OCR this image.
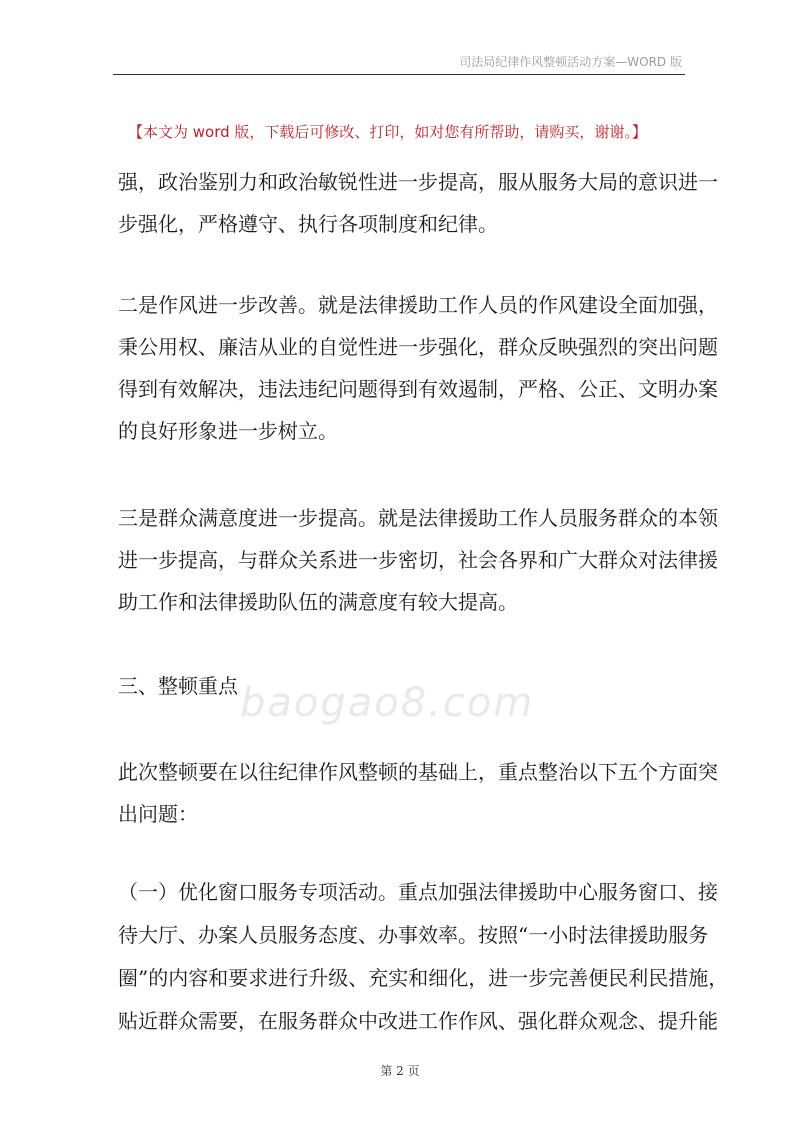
司法局纪律作风整顿活动方案—WORD 版
【本文为 word 版，下载后可修改、打印，如对您有所帮助，请购买，谢谢。】
baogao8.com
强，政治鉴别力和政治敏锐性进一步提高，服从服务大局的意识进一
步强化，严格遵守、执行各项制度和纪律。
二是作风进一步改善。就是法律援助工作人员的作风建设全面加强，
秉公用权、廉洁从业的自觉性进一步强化，群众反映强烈的突出问题
得到有效解决，违法违纪问题得到有效遏制，严格、公正、文明办案
的良好形象进一步树立。
三是群众满意度进一步提高。就是法律援助工作人员服务群众的本领
进一步提高，与群众关系进一步密切，社会各界和广大群众对法律援
助工作和法律援助队伍的满意度有较大提高。
三、整顿重点
此次整顿要在以往纪律作风整顿的基础上，重点整治以下五个方面突
出问题：
（一）优化窗口服务专项活动。重点加强法律援助中心服务窗口、接
待大厅、办案人员服务态度、办事效率。按照“一小时法律援助服务
圈”的内容和要求进行升级、充实和细化，进一步完善便民利民措施，
贴近群众需要，在服务群众中改进工作作风、强化群众观念、提升能
第 2 页
